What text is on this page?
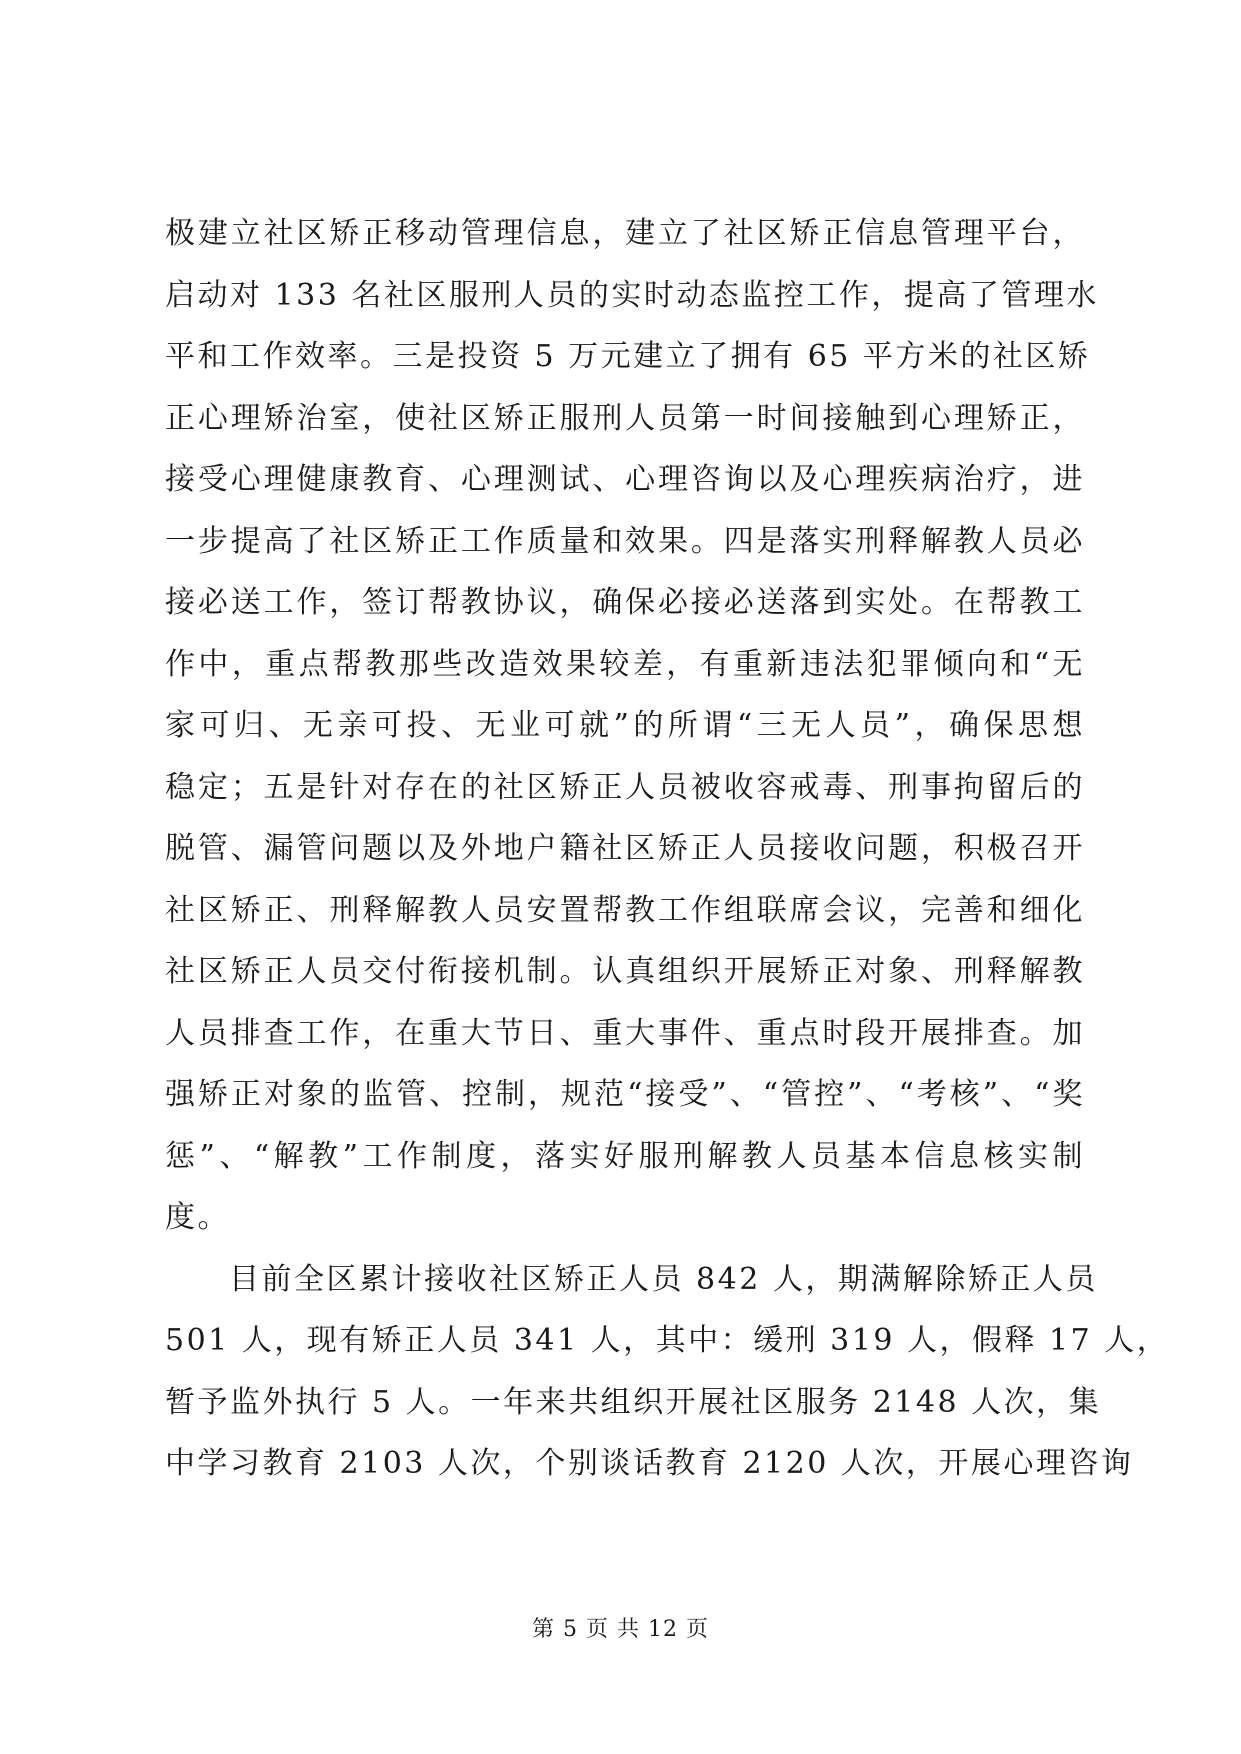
极建立社区矫正移动管理信息，建立了社区矫正信息管理平台，

启动对 133 名社区服刑人员的实时动态监控工作，提高了管理水

平和工作效率。三是投资 5 万元建立了拥有 65 平方米的社区矫

正心理矫治室，使社区矫正服刑人员第一时间接触到心理矫正，

接受心理健康教育、心理测试、心理咨询以及心理疾病治疗，进

一步提高了社区矫正工作质量和效果。四是落实刑释解教人员必

接必送工作，签订帮教协议，确保必接必送落到实处。在帮教工

作中，重点帮教那些改造效果较差，有重新违法犯罪倾向和“无

家可归、无亲可投、无业可就”的所谓“三无人员”，确保思想

稳定；五是针对存在的社区矫正人员被收容戒毒、刑事拘留后的

脱管、漏管问题以及外地户籍社区矫正人员接收问题，积极召开

社区矫正、刑释解教人员安置帮教工作组联席会议，完善和细化

社区矫正人员交付衔接机制。认真组织开展矫正对象、刑释解教

人员排查工作，在重大节日、重大事件、重点时段开展排查。加

强矫正对象的监管、控制，规范“接受”、“管控”、“考核”、“奖

惩”、“解教”工作制度，落实好服刑解教人员基本信息核实制

度。

目前全区累计接收社区矫正人员 842 人，期满解除矫正人员

501 人，现有矫正人员 341 人，其中：缓刑 319 人，假释 17 人，

暂予监外执行 5 人。一年来共组织开展社区服务 2148 人次，集

中学习教育 2103 人次，个别谈话教育 2120 人次，开展心理咨询

第 5 页 共 12 页
